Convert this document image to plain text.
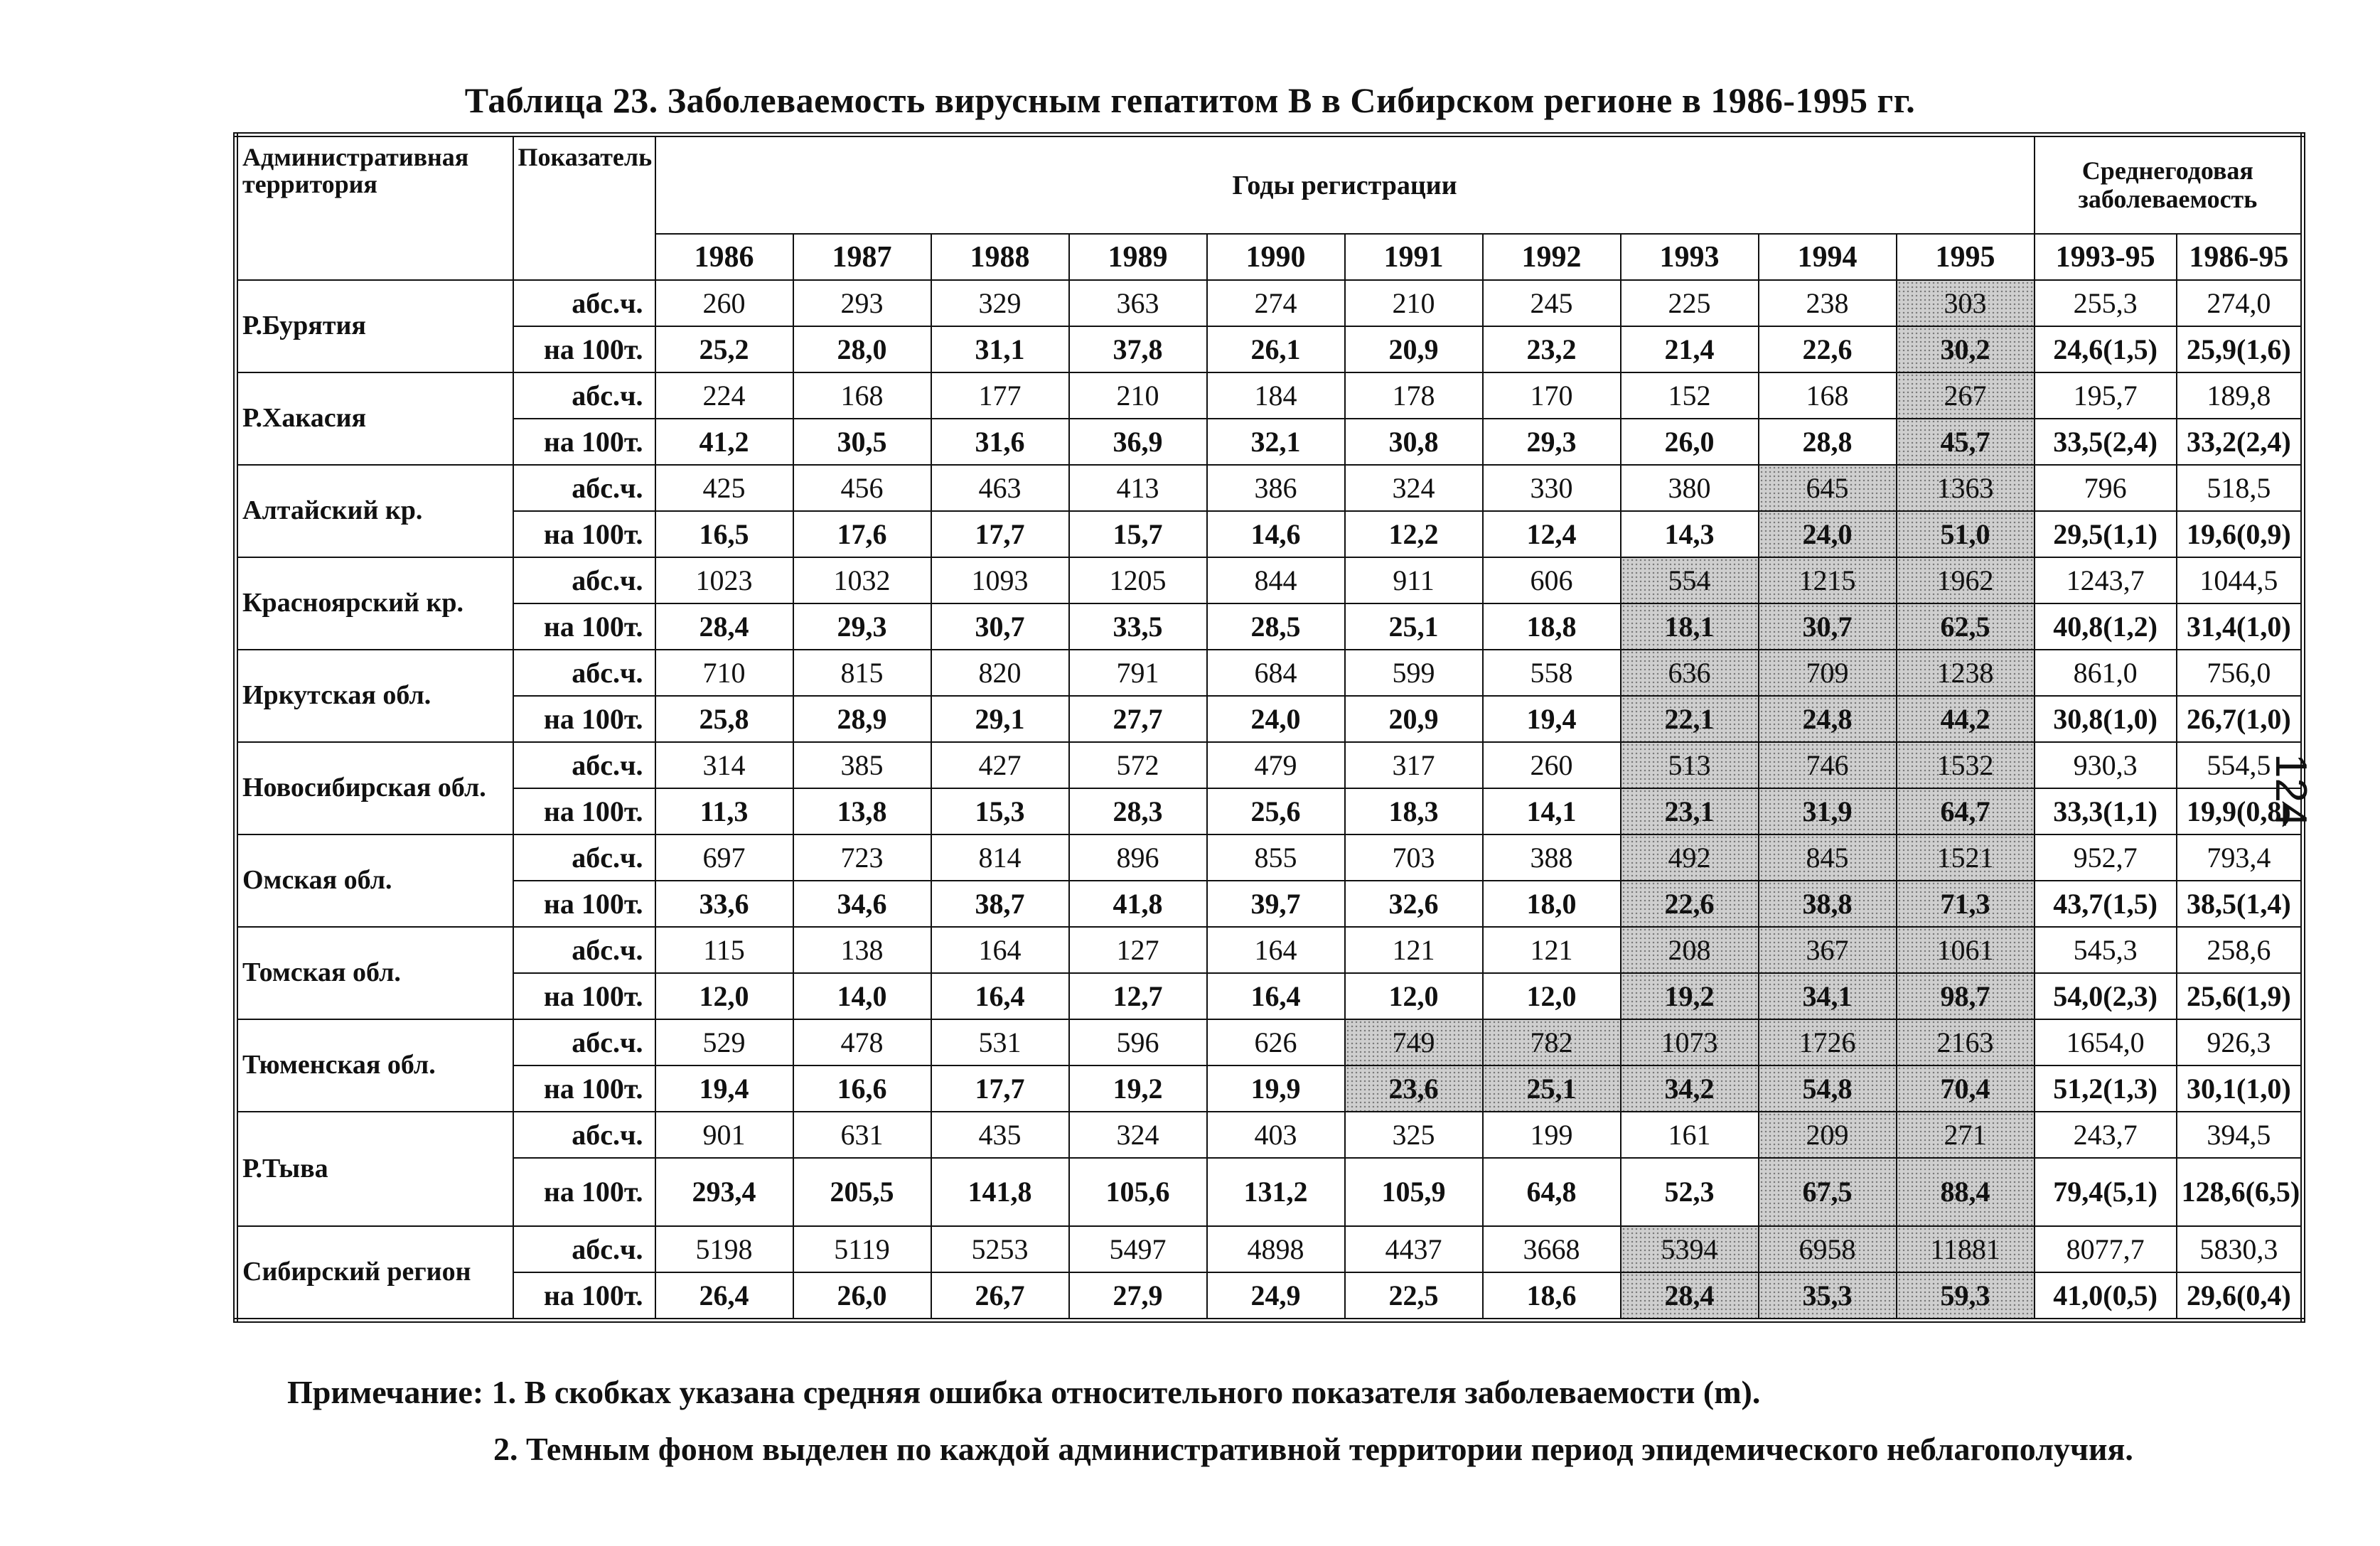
Таблица 23. Заболеваемость вирусным гепатитом В в Сибирском регионе в 1986-1995 гг.
Административная территория	Показатель	Годы регистрации										Среднегодовая заболеваемость	
		1986	1987	1988	1989	1990	1991	1992	1993	1994	1995	1993-95	1986-95
Р.Бурятия	абс.ч.	260	293	329	363	274	210	245	225	238	303	255,3	274,0
	на 100т.	25,2	28,0	31,1	37,8	26,1	20,9	23,2	21,4	22,6	30,2	24,6(1,5)	25,9(1,6)
Р.Хакасия	абс.ч.	224	168	177	210	184	178	170	152	168	267	195,7	189,8
	на 100т.	41,2	30,5	31,6	36,9	32,1	30,8	29,3	26,0	28,8	45,7	33,5(2,4)	33,2(2,4)
Алтайский кр.	абс.ч.	425	456	463	413	386	324	330	380	645	1363	796	518,5
	на 100т.	16,5	17,6	17,7	15,7	14,6	12,2	12,4	14,3	24,0	51,0	29,5(1,1)	19,6(0,9)
Красноярский кр.	абс.ч.	1023	1032	1093	1205	844	911	606	554	1215	1962	1243,7	1044,5
	на 100т.	28,4	29,3	30,7	33,5	28,5	25,1	18,8	18,1	30,7	62,5	40,8(1,2)	31,4(1,0)
Иркутская обл.	абс.ч.	710	815	820	791	684	599	558	636	709	1238	861,0	756,0
	на 100т.	25,8	28,9	29,1	27,7	24,0	20,9	19,4	22,1	24,8	44,2	30,8(1,0)	26,7(1,0)
Новосибирская обл.	абс.ч.	314	385	427	572	479	317	260	513	746	1532	930,3	554,5
	на 100т.	11,3	13,8	15,3	28,3	25,6	18,3	14,1	23,1	31,9	64,7	33,3(1,1)	19,9(0,8)
Омская обл.	абс.ч.	697	723	814	896	855	703	388	492	845	1521	952,7	793,4
	на 100т.	33,6	34,6	38,7	41,8	39,7	32,6	18,0	22,6	38,8	71,3	43,7(1,5)	38,5(1,4)
Томская обл.	абс.ч.	115	138	164	127	164	121	121	208	367	1061	545,3	258,6
	на 100т.	12,0	14,0	16,4	12,7	16,4	12,0	12,0	19,2	34,1	98,7	54,0(2,3)	25,6(1,9)
Тюменская обл.	абс.ч.	529	478	531	596	626	749	782	1073	1726	2163	1654,0	926,3
	на 100т.	19,4	16,6	17,7	19,2	19,9	23,6	25,1	34,2	54,8	70,4	51,2(1,3)	30,1(1,0)
Р.Тыва	абс.ч.	901	631	435	324	403	325	199	161	209	271	243,7	394,5
	на 100т.	293,4	205,5	141,8	105,6	131,2	105,9	64,8	52,3	67,5	88,4	79,4(5,1)	128,6(6,5)
Сибирский регион	абс.ч.	5198	5119	5253	5497	4898	4437	3668	5394	6958	11881	8077,7	5830,3
	на 100т.	26,4	26,0	26,7	27,9	24,9	22,5	18,6	28,4	35,3	59,3	41,0(0,5)	29,6(0,4)
Примечание: 1. В скобках указана средняя ошибка относительного показателя заболеваемости (m).
2. Темным фоном выделен по каждой административной территории период эпидемического неблагополучия.
124
